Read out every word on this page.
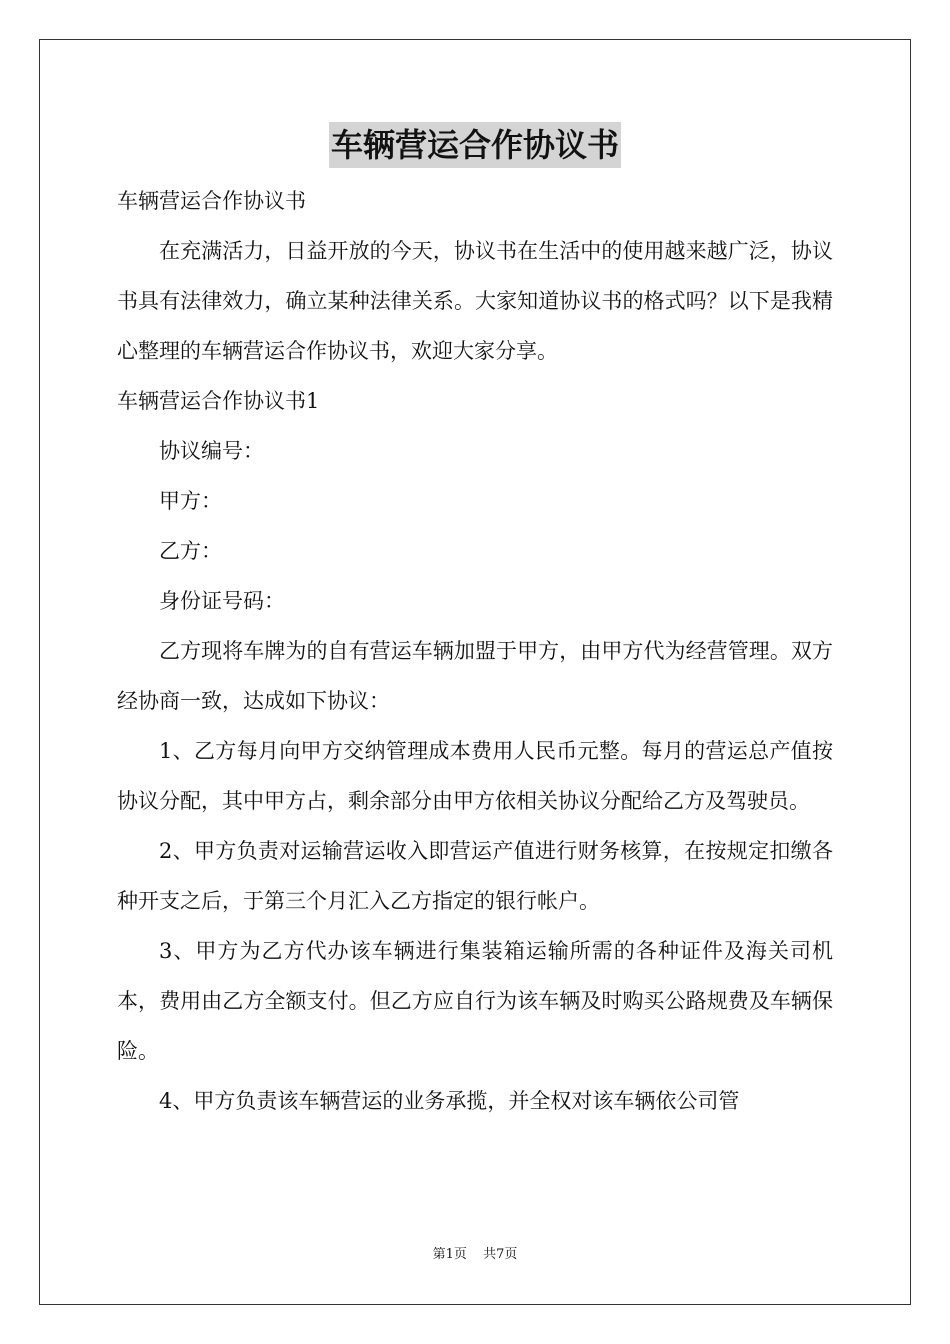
车辆营运合作协议书

车辆营运合作协议书

在充满活力，日益开放的今天，协议书在生活中的使用越来越广泛，协议书具有法律效力，确立某种法律关系。大家知道协议书的格式吗？以下是我精心整理的车辆营运合作协议书，欢迎大家分享。

车辆营运合作协议书1

协议编号：

甲方：

乙方：

身份证号码：

乙方现将车牌为的自有营运车辆加盟于甲方，由甲方代为经营管理。双方经协商一致，达成如下协议：

1、乙方每月向甲方交纳管理成本费用人民币元整。每月的营运总产值按协议分配，其中甲方占，剩余部分由甲方依相关协议分配给乙方及驾驶员。

2、甲方负责对运输营运收入即营运产值进行财务核算，在按规定扣缴各种开支之后，于第三个月汇入乙方指定的银行帐户。

3、甲方为乙方代办该车辆进行集装箱运输所需的各种证件及海关司机本，费用由乙方全额支付。但乙方应自行为该车辆及时购买公路规费及车辆保险。

4、甲方负责该车辆营运的业务承揽，并全权对该车辆依公司管

第1页 共7页
